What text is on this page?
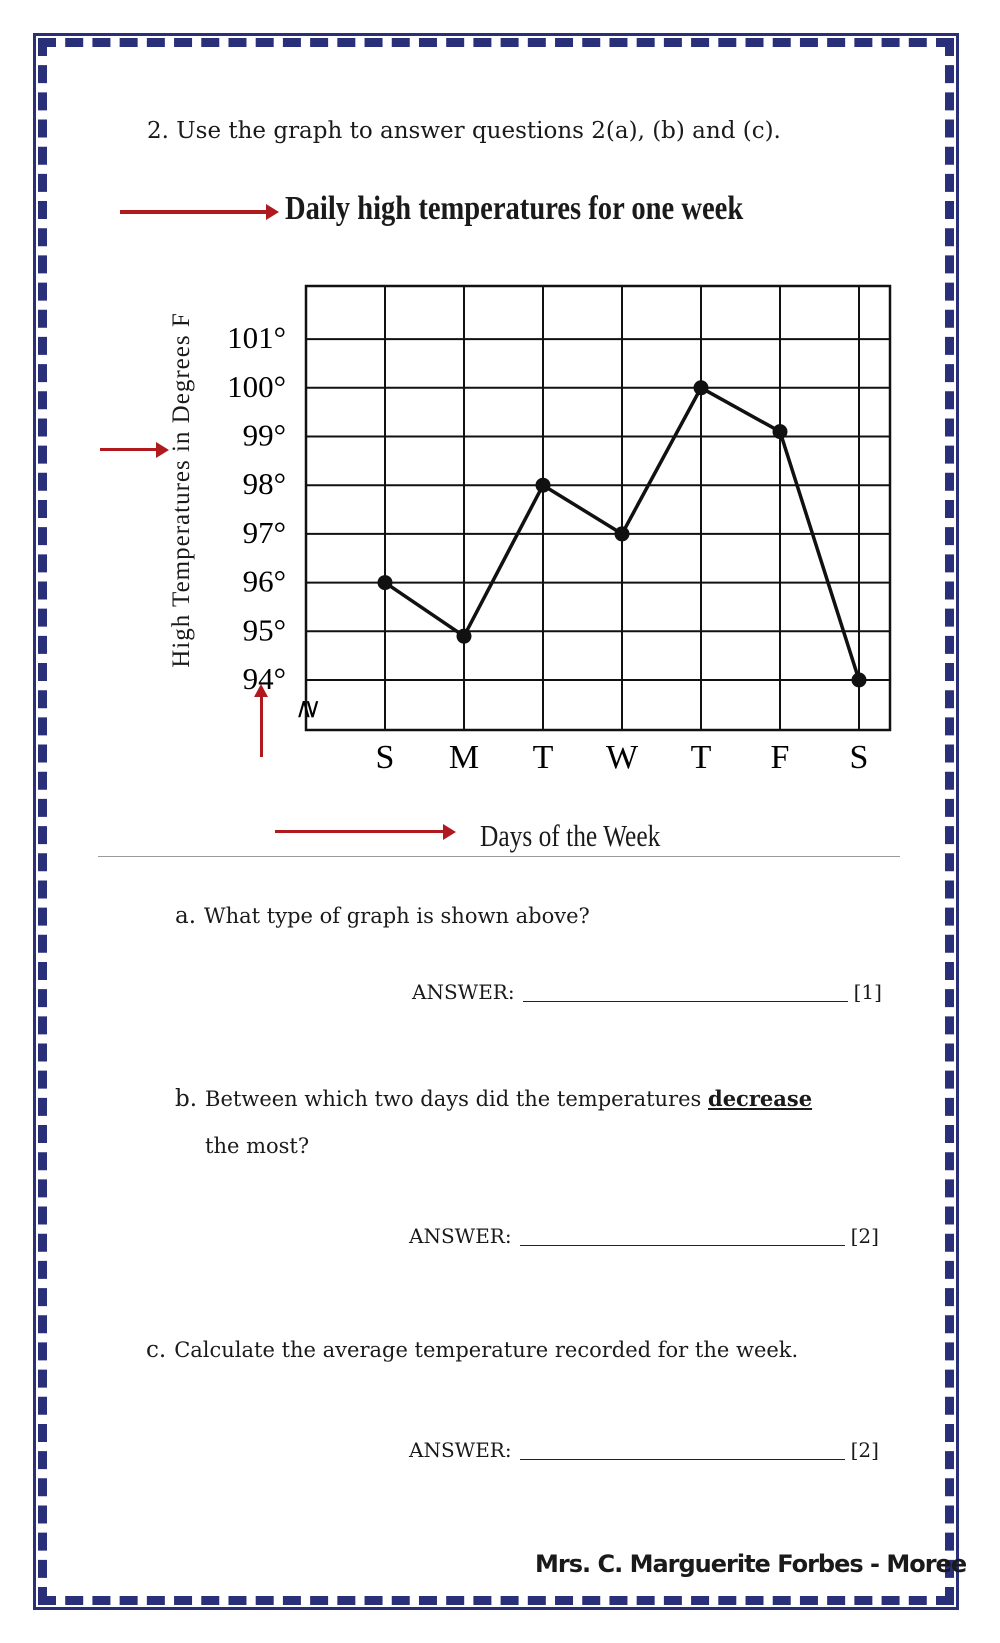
2. Use the graph to answer questions 2(a), (b) and (c).
Daily high temperatures for one week
High Temperatures in Degrees F
94°
95°
96°
97°
98°
99°
100°
101°
S M T W T F S
≷
Days of the Week
a. What type of graph is shown above?
ANSWER:	[1]
b. Between which two days did the temperatures decrease
the most?
ANSWER:	[2]
c. Calculate the average temperature recorded for the week.
ANSWER:	[2]
Mrs. C. Marguerite Forbes - Moree
